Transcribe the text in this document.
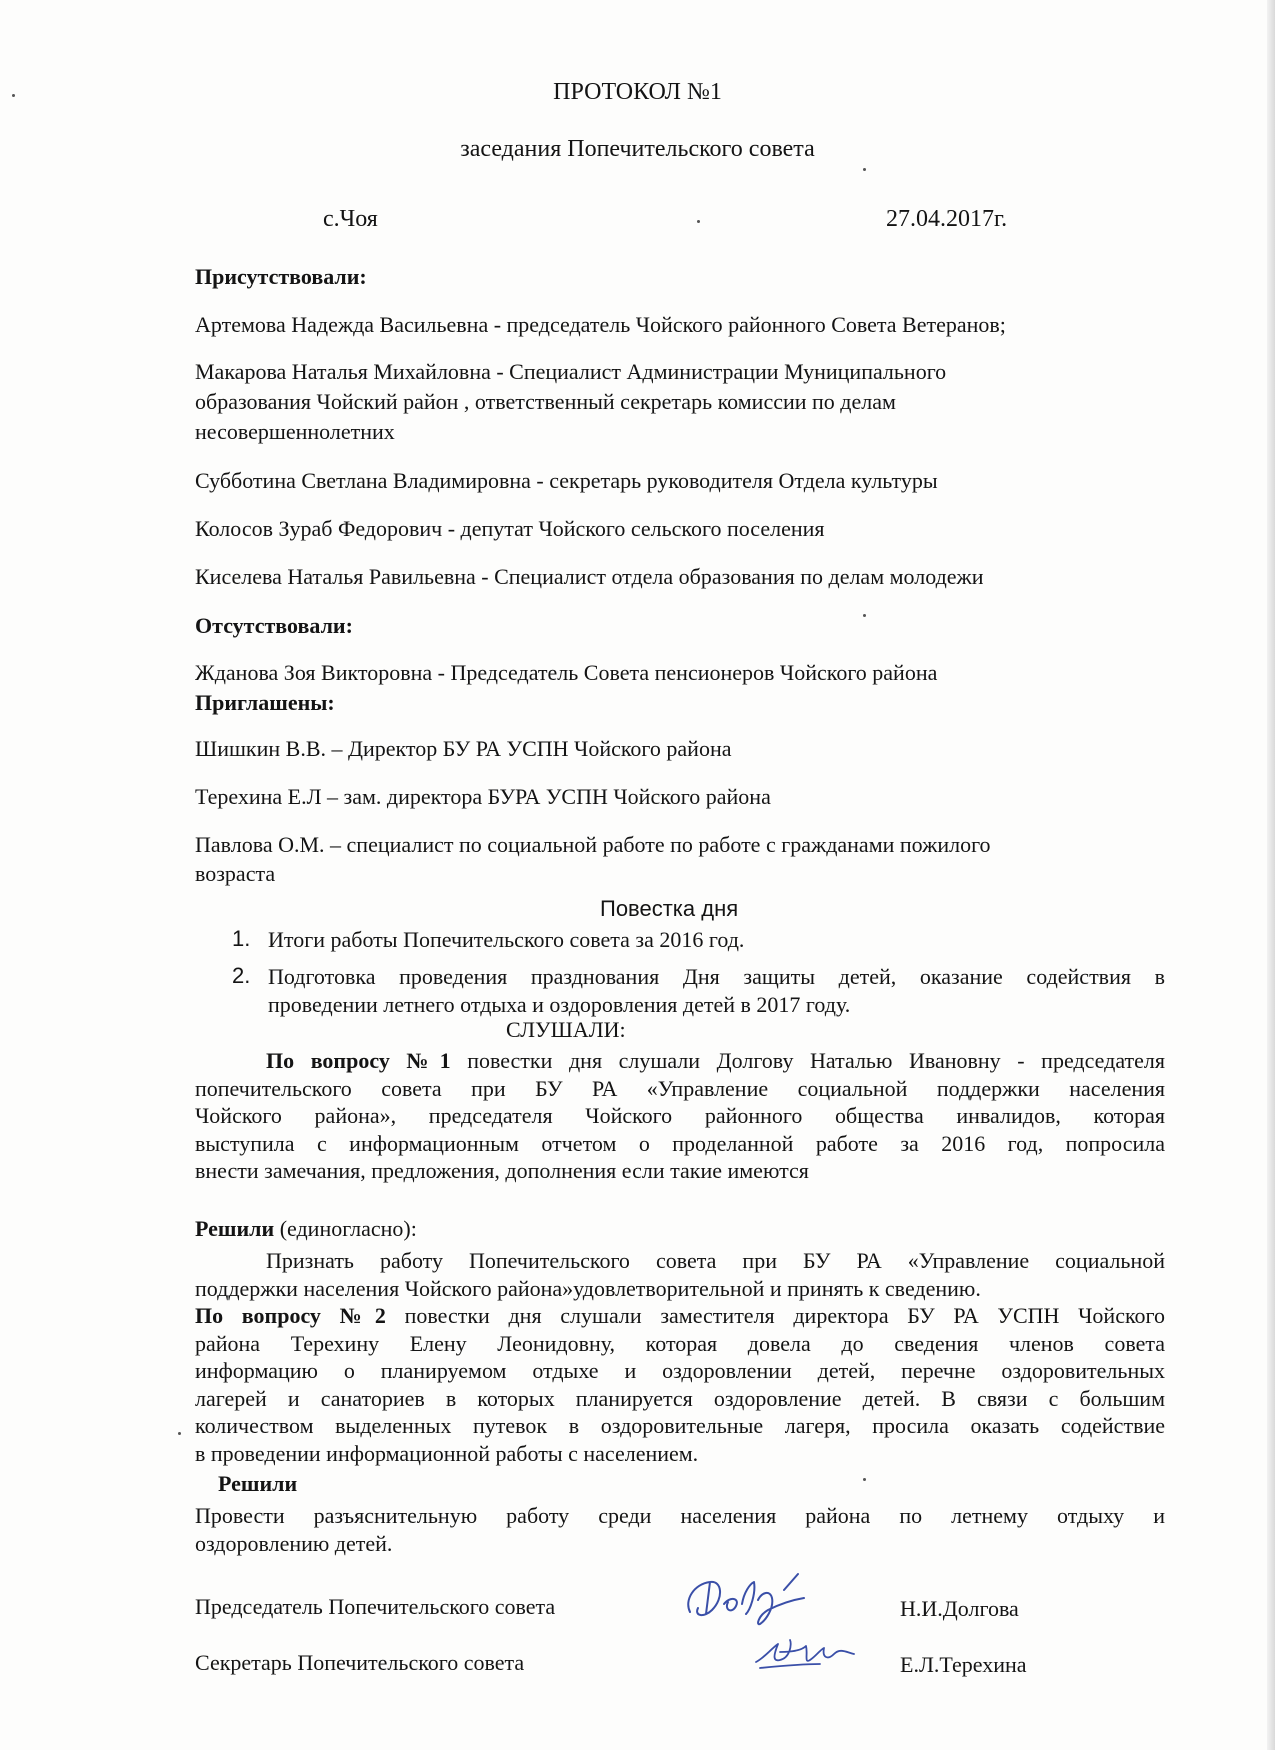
ПРОТОКОЛ №1
заседания Попечительского совета
с.Чоя	27.04.2017г.
Присутствовали:
Артемова Надежда Васильевна - председатель Чойского районного Совета Ветеранов;
Макарова Наталья Михайловна - Специалист Администрации Муниципального
образования Чойский район , ответственный секретарь комиссии по делам
несовершеннолетних
Субботина Светлана Владимировна - секретарь руководителя Отдела культуры
Колосов Зураб Федорович - депутат Чойского сельского поселения
Киселева Наталья Равильевна - Специалист отдела образования по делам молодежи
Отсутствовали:
Жданова Зоя Викторовна - Председатель Совета пенсионеров Чойского района
Приглашены:
Шишкин В.В. – Директор БУ РА УСПН Чойского района
Терехина Е.Л – зам. директора БУРА УСПН Чойского района
Павлова О.М. – специалист по социальной работе по работе с гражданами пожилого
возраста
Повестка дня
1. Итоги работы Попечительского совета за 2016 год.
2. Подготовка проведения празднования Дня защиты детей, оказание содействия в
проведении летнего отдыха и оздоровления детей в 2017 году.
СЛУШАЛИ:
По вопросу №1 повестки дня слушали Долгову Наталью Ивановну - председателя
попечительского совета при БУ РА «Управление социальной поддержки населения
Чойского района», председателя Чойского районного общества инвалидов, которая
выступила с информационным отчетом о проделанной работе за 2016 год, попросила
внести замечания, предложения, дополнения если такие имеются
Решили (единогласно):
Признать работу Попечительского совета при БУ РА «Управление социальной
поддержки населения Чойского района»удовлетворительной и принять к сведению.
По вопросу №2 повестки дня слушали заместителя директора БУ РА УСПН Чойского
района Терехину Елену Леонидовну, которая довела до сведения членов совета
информацию о планируемом отдыхе и оздоровлении детей, перечне оздоровительных
лагерей и санаториев в которых планируется оздоровление детей. В связи с большим
количеством выделенных путевок в оздоровительные лагеря, просила оказать содействие
в проведении информационной работы с населением.
Решили
Провести разъяснительную работу среди населения района по летнему отдыху и
оздоровлению детей.
Председатель Попечительского совета	Н.И.Долгова
Секретарь Попечительского совета	Е.Л.Терехина
